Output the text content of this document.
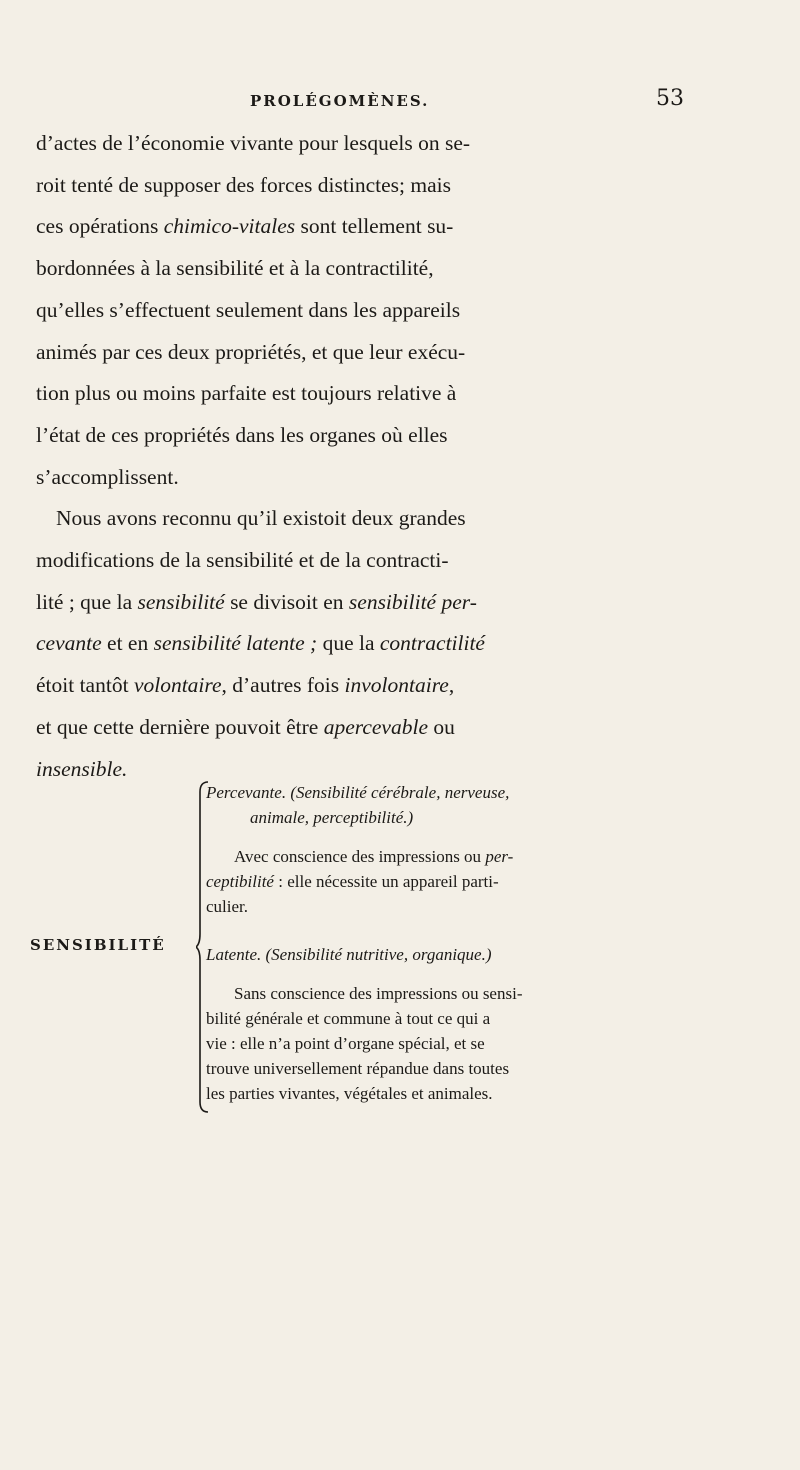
PROLÉGOMÈNES.	53

d’actes de l’économie vivante pour lesquels on se-
roit tenté de supposer des forces distinctes; mais
ces opérations chimico-vitales sont tellement su-
bordonnées à la sensibilité et à la contractilité,
qu’elles s’effectuent seulement dans les appareils
animés par ces deux propriétés, et que leur exécu-
tion plus ou moins parfaite est toujours relative à
l’état de ces propriétés dans les organes où elles
s’accomplissent.

Nous avons reconnu qu’il existoit deux grandes
modifications de la sensibilité et de la contracti-
lité ; que la sensibilité se divisoit en sensibilité per-
cevante et en sensibilité latente ; que la contractilité
étoit tantôt volontaire, d’autres fois involontaire,
et que cette dernière pouvoit être apercevable ou
insensible.

SENSIBILITÉ
Percevante. (Sensibilité cérébrale, nerveuse,
animale, perceptibilité.)
Avec conscience des impressions ou per-
ceptibilité : elle nécessite un appareil parti-
culier.
Latente. (Sensibilité nutritive, organique.)
Sans conscience des impressions ou sensi-
bilité générale et commune à tout ce qui a
vie : elle n’a point d’organe spécial, et se
trouve universellement répandue dans toutes
les parties vivantes, végétales et animales.
